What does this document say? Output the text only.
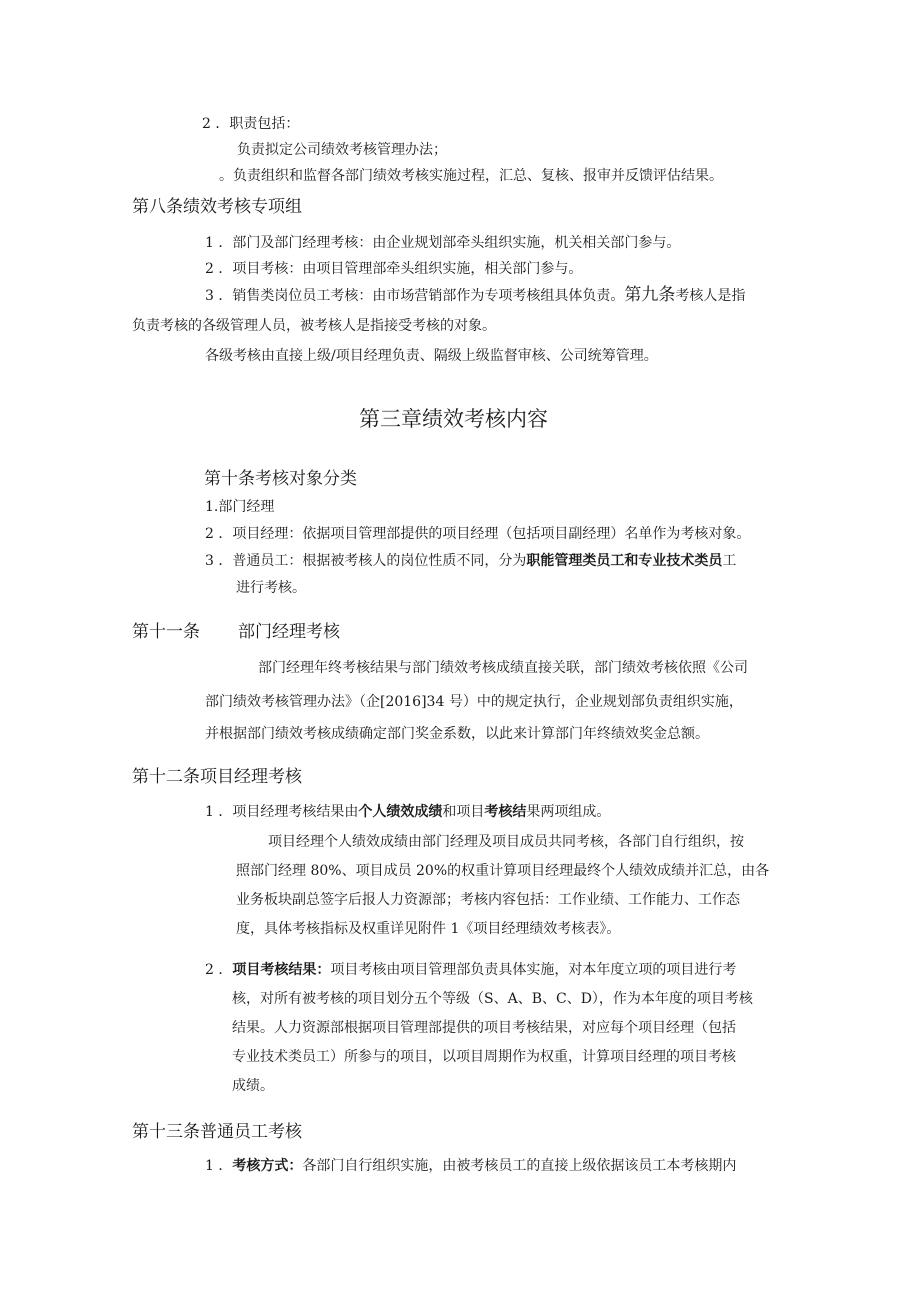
2 ．职责包括：
负责拟定公司绩效考核管理办法；
。负责组织和监督各部门绩效考核实施过程，汇总、复核、报审并反馈评估结果。
第八条绩效考核专项组
1 ．部门及部门经理考核：由企业规划部牵头组织实施，机关相关部门参与。
2 ．项目考核：由项目管理部牵头组织实施，相关部门参与。
3 ．销售类岗位员工考核：由市场营销部作为专项考核组具体负责。第九条考核人是指
负责考核的各级管理人员，被考核人是指接受考核的对象。
各级考核由直接上级/项目经理负责、隔级上级监督审核、公司统筹管理。
第三章绩效考核内容
第十条考核对象分类
1.部门经理
2 ．项目经理：依据项目管理部提供的项目经理（包括项目副经理）名单作为考核对象。
3 ．普通员工：根据被考核人的岗位性质不同，分为职能管理类员工和专业技术类员工
进行考核。
第十一条 部门经理考核
部门经理年终考核结果与部门绩效考核成绩直接关联，部门绩效考核依照《公司
部门绩效考核管理办法》（企[2016]34 号）中的规定执行，企业规划部负责组织实施，
并根据部门绩效考核成绩确定部门奖金系数，以此来计算部门年终绩效奖金总额。
第十二条项目经理考核
1 ．项目经理考核结果由个人绩效成绩和项目考核结果两项组成。
项目经理个人绩效成绩由部门经理及项目成员共同考核，各部门自行组织，按
照部门经理 80%、项目成员 20%的权重计算项目经理最终个人绩效成绩并汇总，由各
业务板块副总签字后报人力资源部；考核内容包括：工作业绩、工作能力、工作态
度，具体考核指标及权重详见附件 1《项目经理绩效考核表》。
2 ．项目考核结果：项目考核由项目管理部负责具体实施，对本年度立项的项目进行考
核，对所有被考核的项目划分五个等级（S、A、B、C、D），作为本年度的项目考核
结果。人力资源部根据项目管理部提供的项目考核结果，对应每个项目经理（包括
专业技术类员工）所参与的项目，以项目周期作为权重，计算项目经理的项目考核
成绩。
第十三条普通员工考核
1 ．考核方式：各部门自行组织实施，由被考核员工的直接上级依据该员工本考核期内
